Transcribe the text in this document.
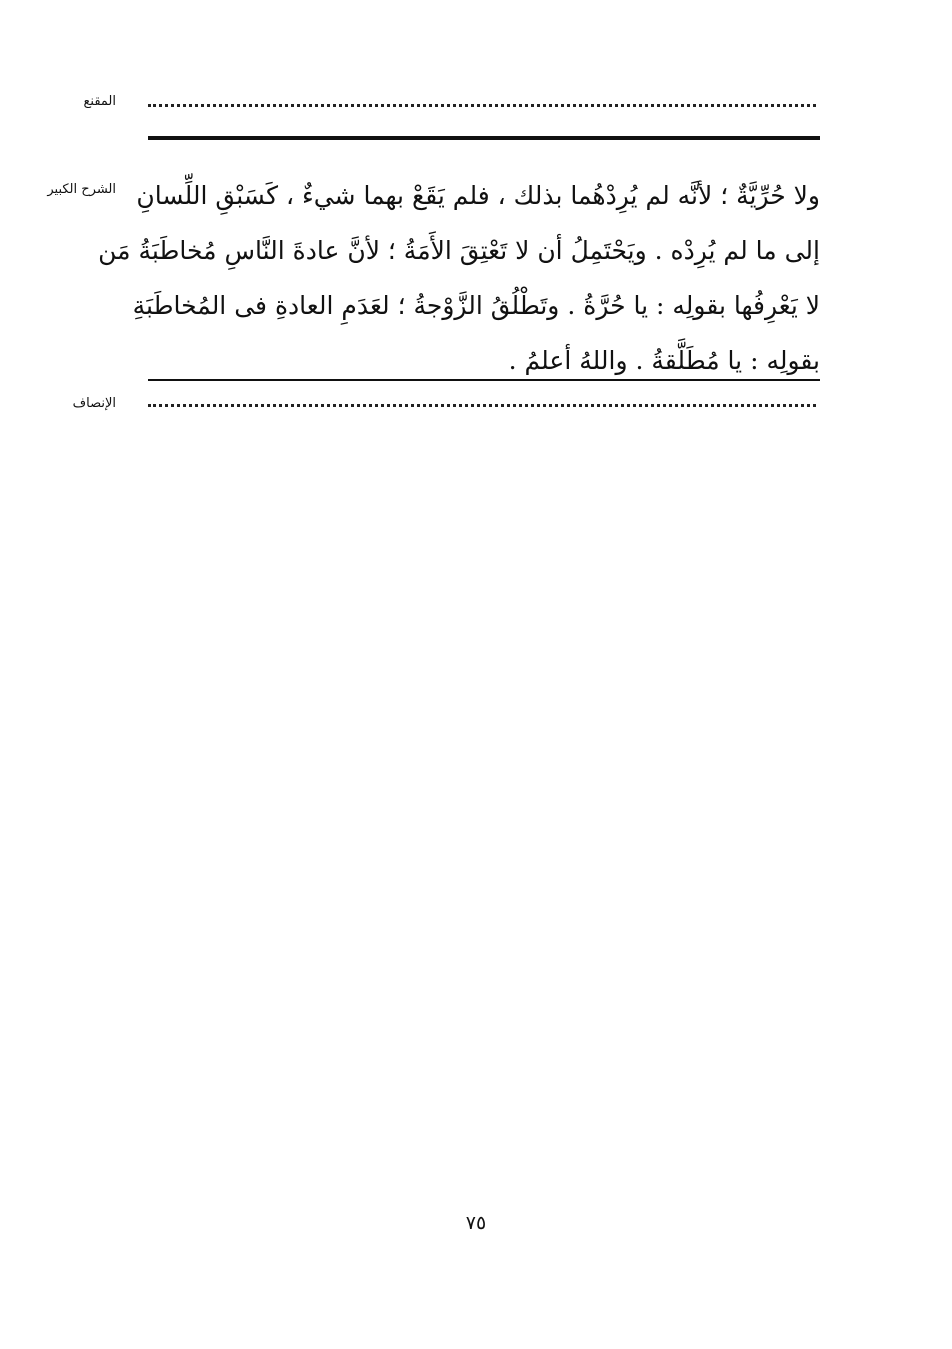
المقنع
الشرح الكبير ولا حُرِّيَّةٌ ؛ لأنَّه لم يُرِدْهُما بذلك ، فلم يَقَعْ بهما شيءٌ ، كَسَبْقِ اللِّسانِ
إلى ما لم يُرِدْه . ويَحْتَمِلُ أن لا تَعْتِقَ الأَمَةُ ؛ لأنَّ عادةَ النَّاسِ مُخاطَبَةُ مَن
لا يَعْرِفُها بقولِه : يا حُرَّةُ . وتَطْلُقُ الزَّوْجةُ ؛ لعَدَمِ العادةِ فى المُخاطَبَةِ
بقولِه : يا مُطَلَّقةُ . واللهُ أعلمُ .
الإنصاف
٧٥
